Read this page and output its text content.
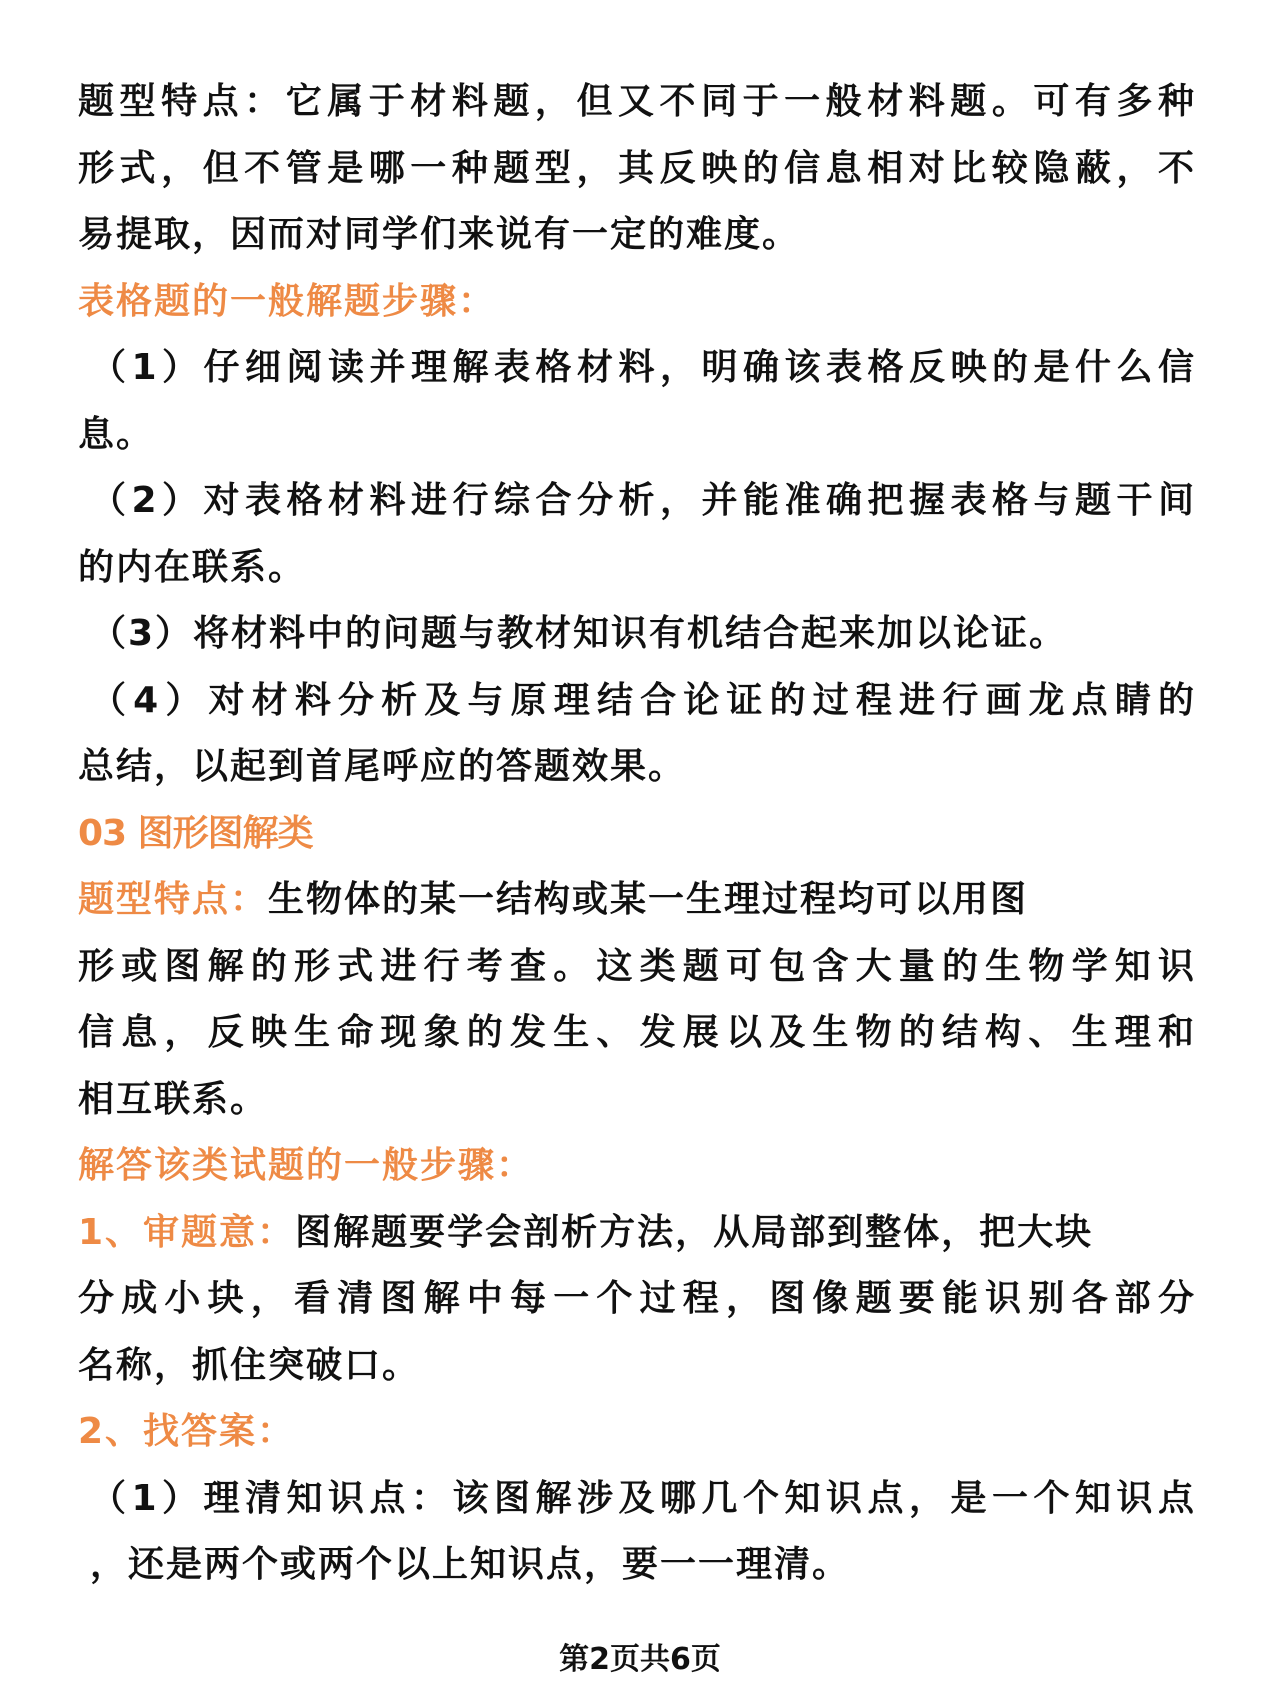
题型特点：它属于材料题，但又不同于一般材料题。可有多种
形式，但不管是哪一种题型，其反映的信息相对比较隐蔽，不
易提取，因而对同学们来说有一定的难度。
表格题的一般解题步骤：
（1）仔细阅读并理解表格材料，明确该表格反映的是什么信
息。
（2）对表格材料进行综合分析，并能准确把握表格与题干间
的内在联系。
（3）将材料中的问题与教材知识有机结合起来加以论证。
（4）对材料分析及与原理结合论证的过程进行画龙点睛的
总结，以起到首尾呼应的答题效果。
03 图形图解类
题型特点：生物体的某一结构或某一生理过程均可以用图
形或图解的形式进行考查。这类题可包含大量的生物学知识
信息，反映生命现象的发生、发展以及生物的结构、生理和
相互联系。
解答该类试题的一般步骤：
1、审题意：图解题要学会剖析方法，从局部到整体，把大块
分成小块，看清图解中每一个过程，图像题要能识别各部分
名称，抓住突破口。
2、找答案：
（1）理清知识点：该图解涉及哪几个知识点，是一个知识点
，还是两个或两个以上知识点，要一一理清。
第2页共6页
